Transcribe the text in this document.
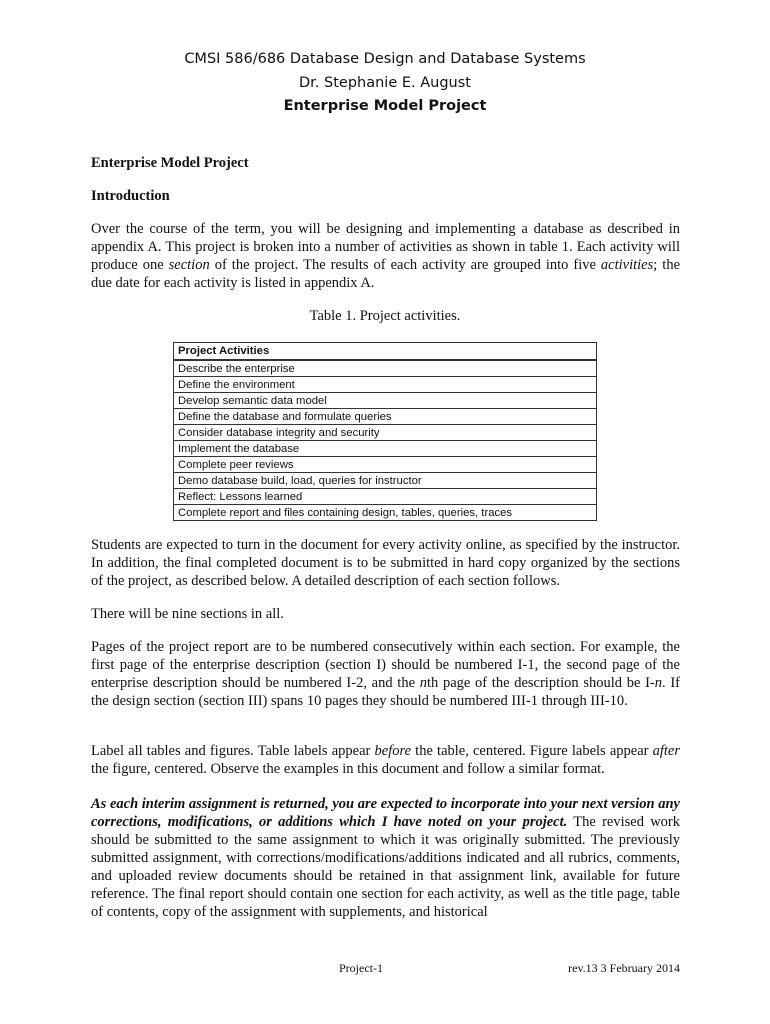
CMSI 586/686 Database Design and Database Systems
Dr. Stephanie E. August
Enterprise Model Project
Enterprise Model Project
Introduction

Over the course of the term, you will be designing and implementing a database as described in appendix A. This project is broken into a number of activities as shown in table 1. Each activity will produce one section of the project. The results of each activity are grouped into five activities; the due date for each activity is listed in appendix A.

Table 1. Project activities.
Project Activities
Describe the enterprise
Define the environment
Develop semantic data model
Define the database and formulate queries
Consider database integrity and security
Implement the database
Complete peer reviews
Demo database build, load, queries for instructor
Reflect: Lessons learned
Complete report and files containing design, tables, queries, traces

Students are expected to turn in the document for every activity online, as specified by the instructor. In addition, the final completed document is to be submitted in hard copy organized by the sections of the project, as described below. A detailed description of each section follows.

There will be nine sections in all.

Pages of the project report are to be numbered consecutively within each section. For example, the first page of the enterprise description (section I) should be numbered I-1, the second page of the enterprise description should be numbered I-2, and the nth page of the description should be I-n. If the design section (section III) spans 10 pages they should be numbered III-1 through III-10.

Label all tables and figures. Table labels appear before the table, centered. Figure labels appear after the figure, centered. Observe the examples in this document and follow a similar format.

As each interim assignment is returned, you are expected to incorporate into your next version any corrections, modifications, or additions which I have noted on your project. The revised work should be submitted to the same assignment to which it was originally submitted. The previously submitted assignment, with corrections/modifications/additions indicated and all rubrics, comments, and uploaded review documents should be retained in that assignment link, available for future reference. The final report should contain one section for each activity, as well as the title page, table of contents, copy of the assignment with supplements, and historical

Project-1	rev.13 3 February 2014
